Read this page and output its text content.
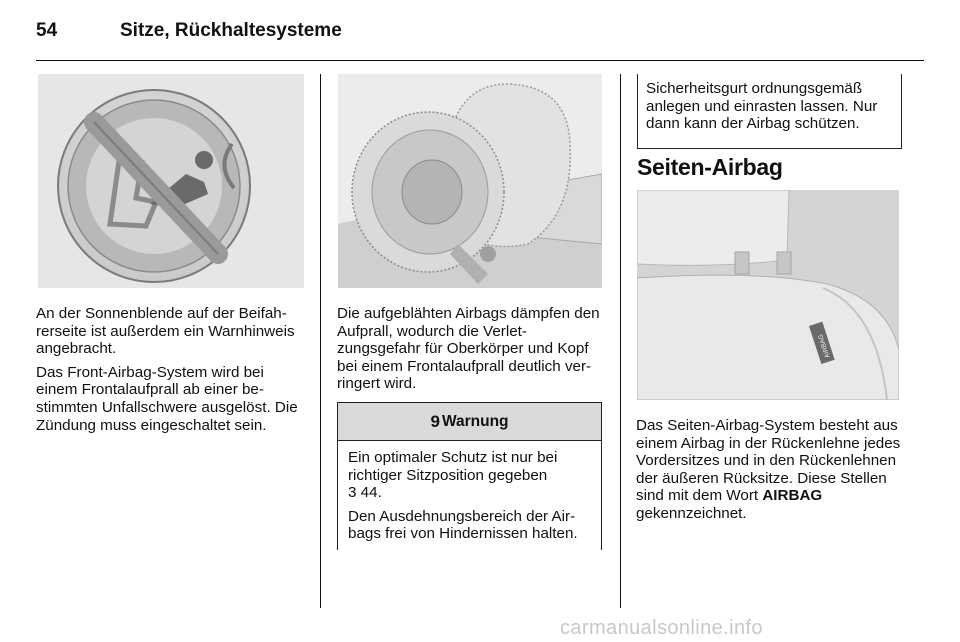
54	Sitze, Rückhaltesysteme

An der Sonnenblende auf der Beifahrerseite ist außerdem ein Warnhinweis angebracht.

Das Front-Airbag-System wird bei einem Frontalaufprall ab einer bestimmten Unfallschwere ausgelöst. Die Zündung muss eingeschaltet sein.

Die aufgeblähten Airbags dämpfen den Aufprall, wodurch die Verletzungsgefahr für Oberkörper und Kopf bei einem Frontalaufprall deutlich verringert wird.

9 Warnung

Ein optimaler Schutz ist nur bei richtiger Sitzposition gegeben
3 44.

Den Ausdehnungsbereich der Airbags frei von Hindernissen halten.

Sicherheitsgurt ordnungsgemäß anlegen und einrasten lassen. Nur dann kann der Airbag schützen.
Seiten-Airbag
AIRBAG

Das Seiten-Airbag-System besteht aus einem Airbag in der Rückenlehne jedes Vordersitzes und in den Rückenlehnen der äußeren Rücksitze. Diese Stellen sind mit dem Wort AIRBAG gekennzeichnet.

carmanualsonline.info
